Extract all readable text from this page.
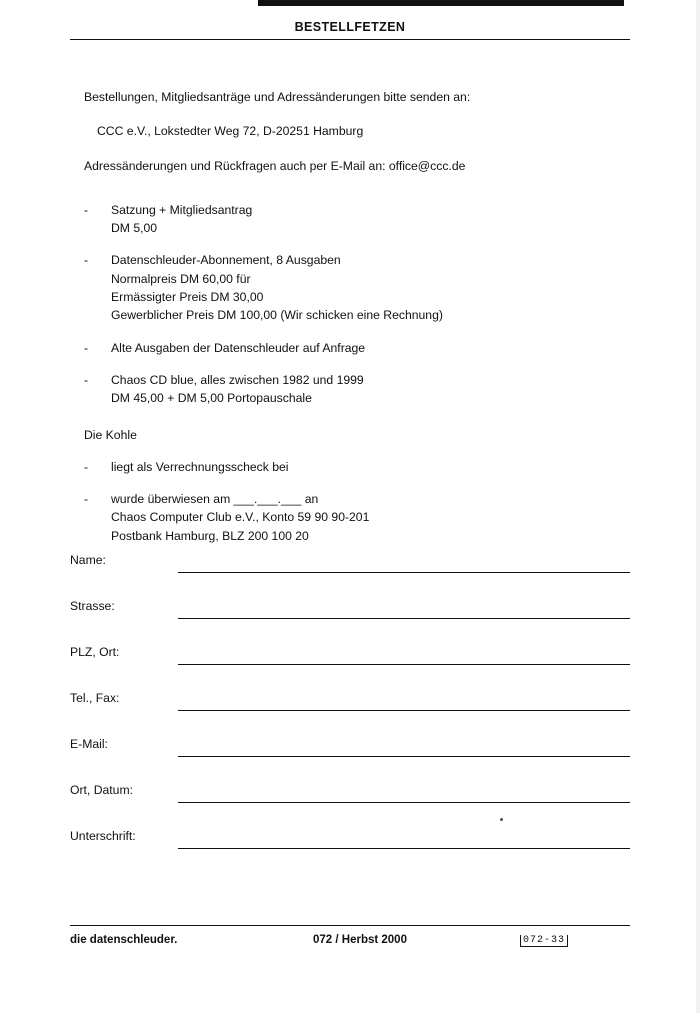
BESTELLFETZEN

Bestellungen, Mitgliedsanträge und Adressänderungen bitte senden an:

CCC e.V., Lokstedter Weg 72, D-20251 Hamburg

Adressänderungen und Rückfragen auch per E-Mail an: office@ccc.de

- Satzung + Mitgliedsantrag
DM 5,00
- Datenschleuder-Abonnement, 8 Ausgaben
Normalpreis DM 60,00 für
Ermässigter Preis DM 30,00
Gewerblicher Preis DM 100,00 (Wir schicken eine Rechnung)
- Alte Ausgaben der Datenschleuder auf Anfrage
- Chaos CD blue, alles zwischen 1982 und 1999
DM 45,00 + DM 5,00 Portopauschale
Die Kohle
- liegt als Verrechnungsscheck bei
- wurde überwiesen am ___.___.___ an
Chaos Computer Club e.V., Konto 59 90 90-201
Postbank Hamburg, BLZ 200 100 20
Name:
Strasse:
PLZ, Ort:
Tel., Fax:
E-Mail:
Ort, Datum:
Unterschrift:
die datenschleuder.	072 / Herbst 2000	072-33
